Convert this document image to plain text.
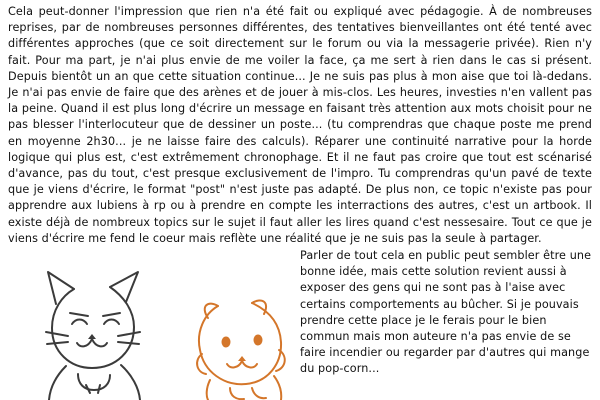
Cela peut-donner l'impression que rien n'a été fait ou expliqué avec pédagogie. À de nombreuses reprises, par de nombreuses personnes différentes, des tentatives bienveillantes ont été tenté avec différentes approches (que ce soit directement sur le forum ou via la messagerie privée). Rien n'y fait. Pour ma part, je n'ai plus envie de me voiler la face, ça me sert à rien dans le cas si présent. Depuis bientôt un an que cette situation continue... Je ne suis pas plus à mon aise que toi là-dedans. Je n'ai pas envie de faire que des arènes et de jouer à mis-clos. Les heures, investies n'en vallent pas la peine. Quand il est plus long d'écrire un message en faisant très attention aux mots choisit pour ne pas blesser l'interlocuteur que de dessiner un poste... (tu comprendras que chaque poste me prend en moyenne 2h30... je ne laisse faire des calculs). Réparer une continuité narrative pour la horde logique qui plus est, c'est extrêmement chronophage. Et il ne faut pas croire que tout est scénarisé d'avance, pas du tout, c'est presque exclusivement de l'impro. Tu comprendras qu'un pavé de texte que je viens d'écrire, le format "post" n'est juste pas adapté. De plus non, ce topic n'existe pas pour apprendre aux lubiens à rp ou à prendre en compte les interractions des autres, c'est un artbook. Il existe déjà de nombreux topics sur le sujet il faut aller les lires quand c'est nessesaire. Tout ce que je viens d'écrire me fend le coeur mais reflète une réalité que je ne suis pas la seule à partager.
Parler de tout cela en public peut sembler être une bonne idée, mais cette solution revient aussi à exposer des gens qui ne sont pas à l'aise avec certains comportements au bûcher. Si je pouvais prendre cette place je le ferais pour le bien commun mais mon auteure n'a pas envie de se faire incendier ou regarder par d'autres qui mange du pop-corn...
